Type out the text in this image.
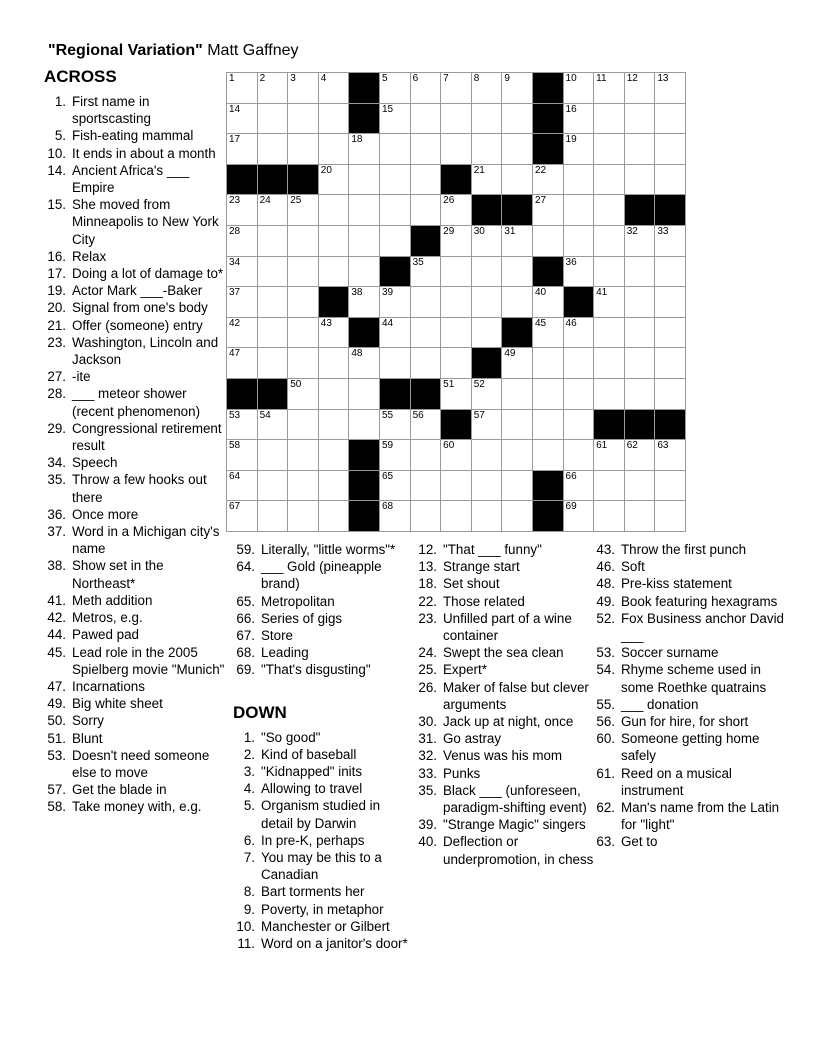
"Regional Variation" Matt Gaffney
1	2	3	4	5	6	7	8	9	10 11 12 13
14	15	16
17	18	19
20	21	22
23 24 25	26	27
28	29 30 31	32 33
34	35	36
37	38 39	40	41
42	43	44	45 46
47	48	49
50	51 52
53 54	55 56	57
58	59	60	61 62 63
64	65	66
67	68	69
ACROSS
1. First name in sportscasting
5. Fish-eating mammal
10. It ends in about a month
14. Ancient Africa's ___ Empire
15. She moved from Minneapolis to New York City
16. Relax
17. Doing a lot of damage to*
19. Actor Mark ___-Baker
20. Signal from one's body
21. Offer (someone) entry
23. Washington, Lincoln and Jackson
27. -ite
28. ___ meteor shower (recent phenomenon)
29. Congressional retirement result
34. Speech
35. Throw a few hooks out there
36. Once more
37. Word in a Michigan city's name
38. Show set in the Northeast*
41. Meth addition
42. Metros, e.g.
44. Pawed pad
45. Lead role in the 2005 Spielberg movie "Munich"
47. Incarnations
49. Big white sheet
50. Sorry
51. Blunt
53. Doesn't need someone else to move
57. Get the blade in
58. Take money with, e.g.
59. Literally, "little worms"*
64. ___ Gold (pineapple brand)
65. Metropolitan
66. Series of gigs
67. Store
68. Leading
69. "That's disgusting"
DOWN
1. "So good"
2. Kind of baseball
3. "Kidnapped" inits
4. Allowing to travel
5. Organism studied in detail by Darwin
6. In pre-K, perhaps
7. You may be this to a Canadian
8. Bart torments her
9. Poverty, in metaphor
10. Manchester or Gilbert
11. Word on a janitor's door*
12. "That ___ funny"
13. Strange start
18. Set shout
22. Those related
23. Unfilled part of a wine container
24. Swept the sea clean
25. Expert*
26. Maker of false but clever arguments
30. Jack up at night, once
31. Go astray
32. Venus was his mom
33. Punks
35. Black ___ (unforeseen, paradigm-shifting event)
39. "Strange Magic" singers
40. Deflection or underpromotion, in chess
43. Throw the first punch
46. Soft
48. Pre-kiss statement
49. Book featuring hexagrams
52. Fox Business anchor David ___
53. Soccer surname
54. Rhyme scheme used in some Roethke quatrains
55. ___ donation
56. Gun for hire, for short
60. Someone getting home safely
61. Reed on a musical instrument
62. Man's name from the Latin for "light"
63. Get to
